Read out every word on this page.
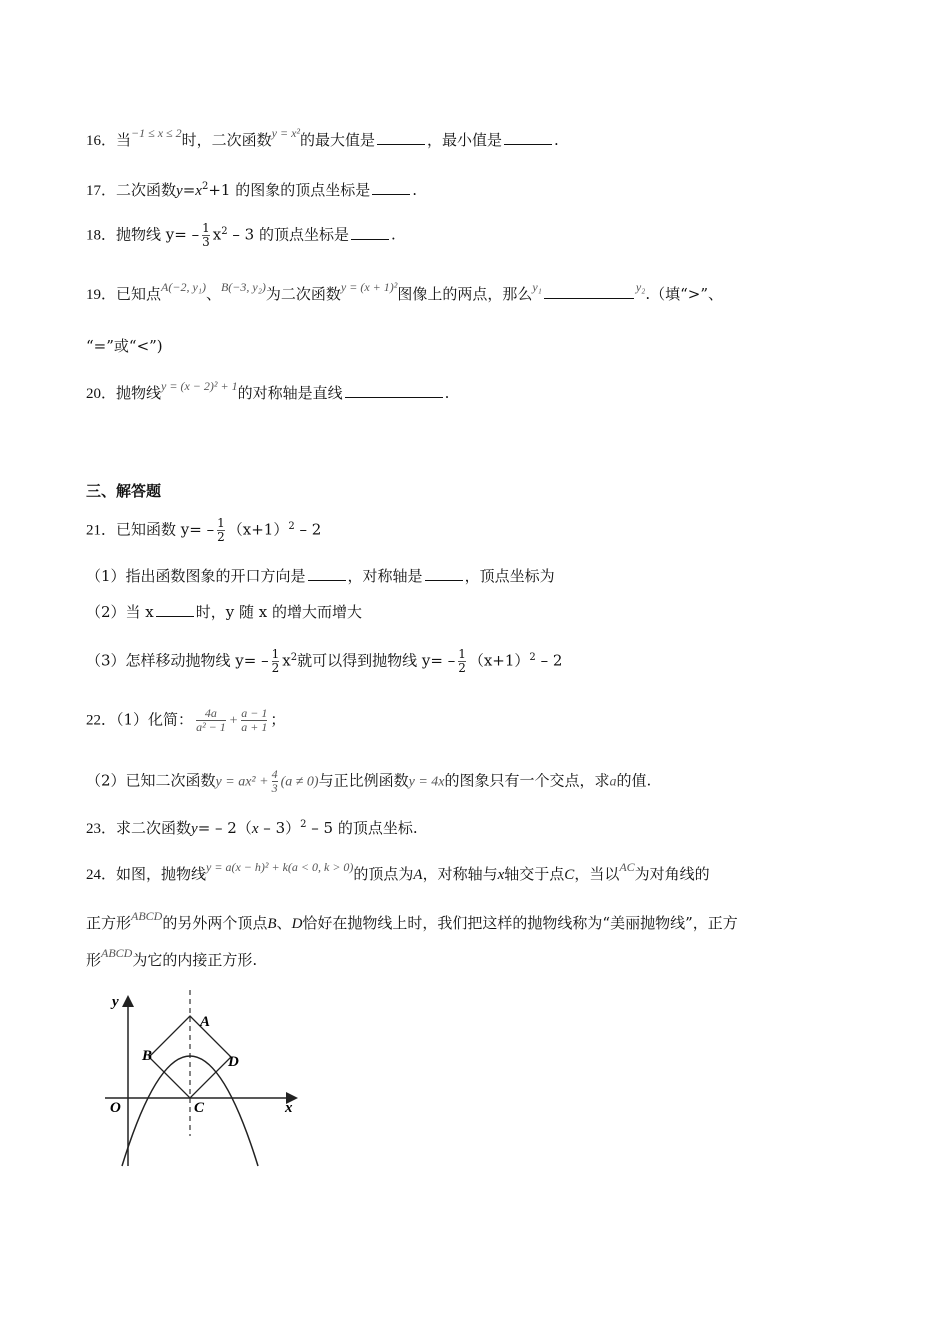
16．当$^{-1 \le x \le 2}$时，二次函数$^{y = x^2}$的最大值是	，最小值是	.
17．二次函数$y=x^2+1$ 的图象的顶点坐标是	.
18．抛物线 $y= - \frac{1}{3} x^2 - 3$ 的顶点坐标是	.
19．已知点$^{A(-2, y_1)}$、$^{B(-3, y_2)}$为二次函数$^{y = (x + 1)^2}$图像上的两点，那么$^{y_1}$	$^{y_2}$.（填“>”、
“=”或“<”)
20．抛物线$^{y = (x - 2)^2 + 1}$的对称轴是直线	.
三、解答题
21．已知函数 $y= - \frac{1}{2} (x+1)^2 - 2$
（1）指出函数图象的开口方向是	，对称轴是	，顶点坐标为
（2）当 x	时，y 随 x 的增大而增大
（3）怎样移动抛物线 $y= - \frac{1}{2} x^2$就可以得到抛物线 $y= - \frac{1}{2} (x+1)^2 - 2$
22．（1）化简： $\frac{4a}{\text{a² − 1}} + \frac{a - 1}{a + 1}$ ；
（2）已知二次函数$y = ax^2 + \frac{4}{3} (a \ne 0)$与正比例函数y = 4x的图象只有一个交点，求a的值.
23．求二次函数y= – 2（x – 3）$^2$ – 5 的顶点坐标.
24．如图，抛物线$^{y = a(x - h)^2 + k(a < 0, k > 0)}$的顶点为A，对称轴与x轴交于点C，当以$^{AC}$为对角线的
正方形$^{ABCD}$的另外两个顶点B、D恰好在抛物线上时，我们把这样的抛物线称为“美丽抛物线”，正方
形$^{ABCD}$为它的内接正方形.
y
x
O
A
B
C
D
